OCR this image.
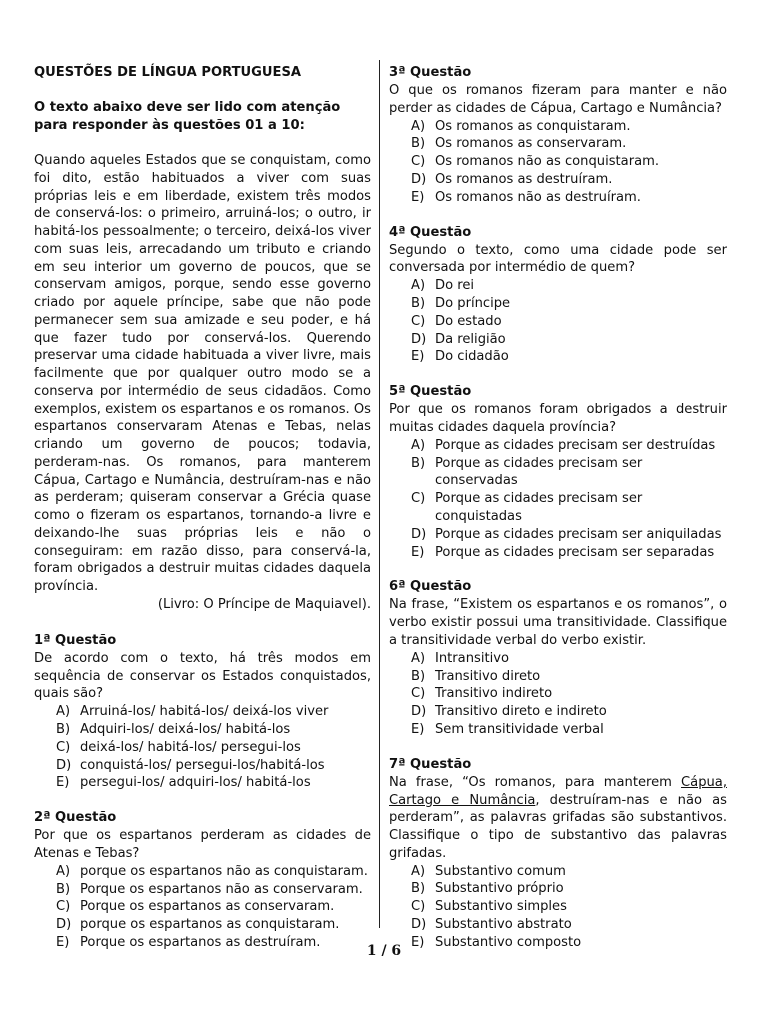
QUESTÕES DE LÍNGUA PORTUGUESA

O texto abaixo deve ser lido com atenção para responder às questões 01 a 10:

Quando aqueles Estados que se conquistam, como foi dito, estão habituados a viver com suas próprias leis e em liberdade, existem três modos de conservá-los: o primeiro, arruiná-los; o outro, ir habitá-los pessoalmente; o terceiro, deixá-los viver com suas leis, arrecadando um tributo e criando em seu interior um governo de poucos, que se conservam amigos, porque, sendo esse governo criado por aquele príncipe, sabe que não pode permanecer sem sua amizade e seu poder, e há que fazer tudo por conservá-los. Querendo preservar uma cidade habituada a viver livre, mais facilmente que por qualquer outro modo se a conserva por intermédio de seus cidadãos. Como exemplos, existem os espartanos e os romanos. Os espartanos conservaram Atenas e Tebas, nelas criando um governo de poucos; todavia, perderam-nas. Os romanos, para manterem Cápua, Cartago e Numância, destruíram-nas e não as perderam; quiseram conservar a Grécia quase como o fizeram os espartanos, tornando-a livre e deixando-lhe suas próprias leis e não o conseguiram: em razão disso, para conservá-la, foram obrigados a destruir muitas cidades daquela província.

(Livro: O Príncipe de Maquiavel).

1ª Questão

De acordo com o texto, há três modos em sequência de conservar os Estados conquistados, quais são?

A) Arruiná-los/ habitá-los/ deixá-los viver
B) Adquiri-los/ deixá-los/ habitá-los
C) deixá-los/ habitá-los/ persegui-los
D) conquistá-los/ persegui-los/habitá-los
E) persegui-los/ adquiri-los/ habitá-los

2ª Questão

Por que os espartanos perderam as cidades de Atenas e Tebas?

A) porque os espartanos não as conquistaram.
B) Porque os espartanos não as conservaram.
C) Porque os espartanos as conservaram.
D) porque os espartanos as conquistaram.
E) Porque os espartanos as destruíram.

3ª Questão

O que os romanos fizeram para manter e não perder as cidades de Cápua, Cartago e Numância?

A) Os romanos as conquistaram.
B) Os romanos as conservaram.
C) Os romanos não as conquistaram.
D) Os romanos as destruíram.
E) Os romanos não as destruíram.

4ª Questão

Segundo o texto, como uma cidade pode ser conversada por intermédio de quem?

A) Do rei
B) Do príncipe
C) Do estado
D) Da religião
E) Do cidadão

5ª Questão

Por que os romanos foram obrigados a destruir muitas cidades daquela província?

A) Porque as cidades precisam ser destruídas
B) Porque as cidades precisam ser conservadas
C) Porque as cidades precisam ser conquistadas
D) Porque as cidades precisam ser aniquiladas
E) Porque as cidades precisam ser separadas

6ª Questão

Na frase, “Existem os espartanos e os romanos”, o verbo existir possui uma transitividade. Classifique a transitividade verbal do verbo existir.

A) Intransitivo
B) Transitivo direto
C) Transitivo indireto
D) Transitivo direto e indireto
E) Sem transitividade verbal

7ª Questão

Na frase, “Os romanos, para manterem Cápua, Cartago e Numância, destruíram-nas e não as perderam”, as palavras grifadas são substantivos. Classifique o tipo de substantivo das palavras grifadas.

A) Substantivo comum
B) Substantivo próprio
C) Substantivo simples
D) Substantivo abstrato
E) Substantivo composto
1 / 6
